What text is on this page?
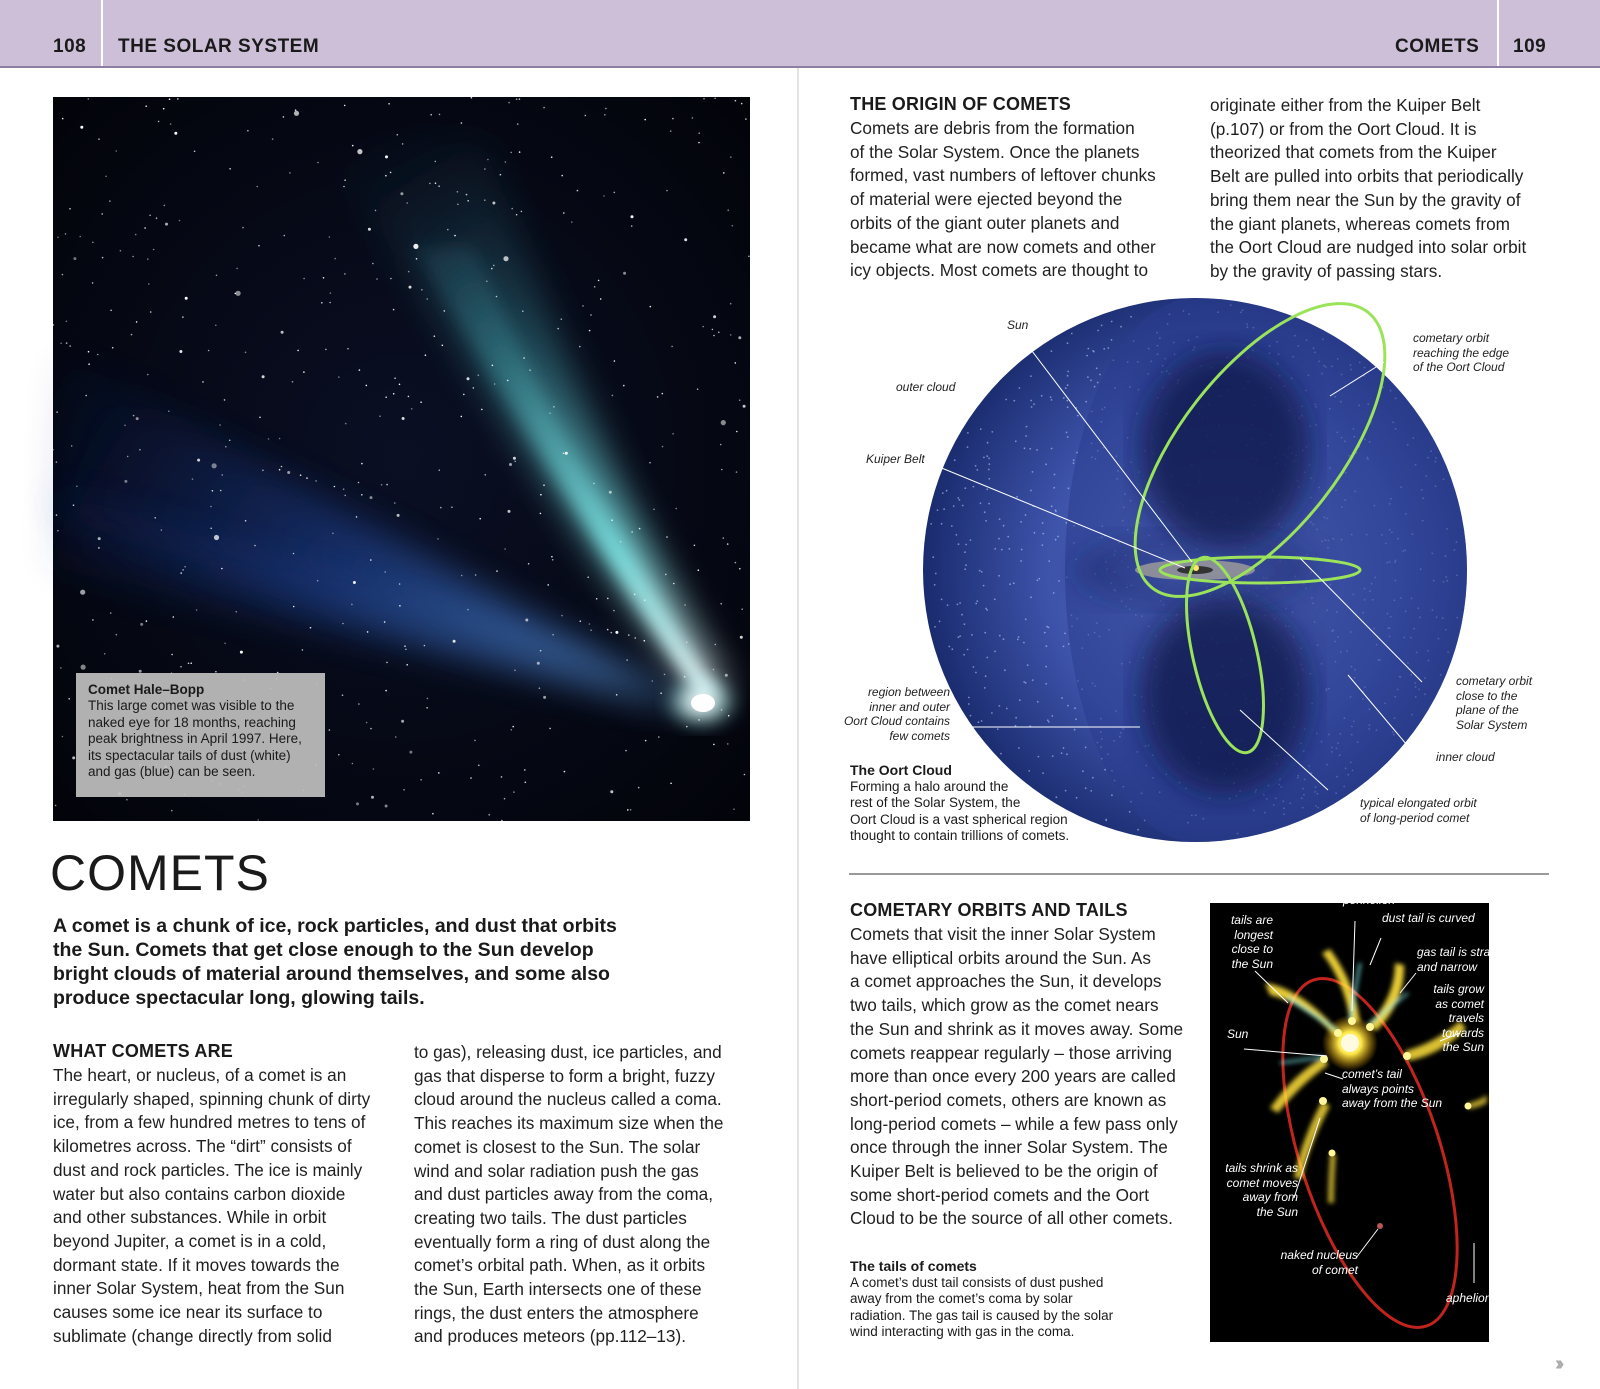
108 THE SOLAR SYSTEM	COMETS 109
Comet Hale–Bopp
This large comet was visible to the
naked eye for 18 months, reaching
peak brightness in April 1997. Here,
its spectacular tails of dust (white)
and gas (blue) can be seen.
COMETS
A comet is a chunk of ice, rock particles, and dust that orbits
the Sun. Comets that get close enough to the Sun develop
bright clouds of material around themselves, and some also
produce spectacular long, glowing tails.
WHAT COMETS ARE
The heart, or nucleus, of a comet is an
irregularly shaped, spinning chunk of dirty
ice, from a few hundred metres to tens of
kilometres across. The “dirt” consists of
dust and rock particles. The ice is mainly
water but also contains carbon dioxide
and other substances. While in orbit
beyond Jupiter, a comet is in a cold,
dormant state. If it moves towards the
inner Solar System, heat from the Sun
causes some ice near its surface to
sublimate (change directly from solid
to gas), releasing dust, ice particles, and
gas that disperse to form a bright, fuzzy
cloud around the nucleus called a coma.
This reaches its maximum size when the
comet is closest to the Sun. The solar
wind and solar radiation push the gas
and dust particles away from the coma,
creating two tails. The dust particles
eventually form a ring of dust along the
comet’s orbital path. When, as it orbits
the Sun, Earth intersects one of these
rings, the dust enters the atmosphere
and produces meteors (pp.112–13).
THE ORIGIN OF COMETS
Comets are debris from the formation
of the Solar System. Once the planets
formed, vast numbers of leftover chunks
of material were ejected beyond the
orbits of the giant outer planets and
became what are now comets and other
icy objects. Most comets are thought to
originate either from the Kuiper Belt
(p.107) or from the Oort Cloud. It is
theorized that comets from the Kuiper
Belt are pulled into orbits that periodically
bring them near the Sun by the gravity of
the giant planets, whereas comets from
the Oort Cloud are nudged into solar orbit
by the gravity of passing stars.
Sun
outer cloud
Kuiper Belt
region between
inner and outer
Oort Cloud contains
few comets
cometary orbit
reaching the edge
of the Oort Cloud
cometary orbit
close to the
plane of the
Solar System
inner cloud
typical elongated orbit
of long-period comet
The Oort Cloud
Forming a halo around the
rest of the Solar System, the
Oort Cloud is a vast spherical region
thought to contain trillions of comets.
COMETARY ORBITS AND TAILS
Comets that visit the inner Solar System
have elliptical orbits around the Sun. As
a comet approaches the Sun, it develops
two tails, which grow as the comet nears
the Sun and shrink as it moves away. Some
comets reappear regularly – those arriving
more than once every 200 years are called
short-period comets, others are known as
long-period comets – while a few pass only
once through the inner Solar System. The
Kuiper Belt is believed to be the origin of
some short-period comets and the Oort
Cloud to be the source of all other comets.
The tails of comets
A comet’s dust tail consists of dust pushed
away from the comet’s coma by solar
radiation. The gas tail is caused by the solar
wind interacting with gas in the coma.
perihelion
dust tail is curved
tails are
longest
close to
the Sun
gas tail is straight
and narrow
tails grow
as comet
travels
towards
the Sun
Sun
comet’s tail
always points
away from the Sun
tails shrink as
comet moves
away from
the Sun
naked nucleus
of comet
aphelion
››
